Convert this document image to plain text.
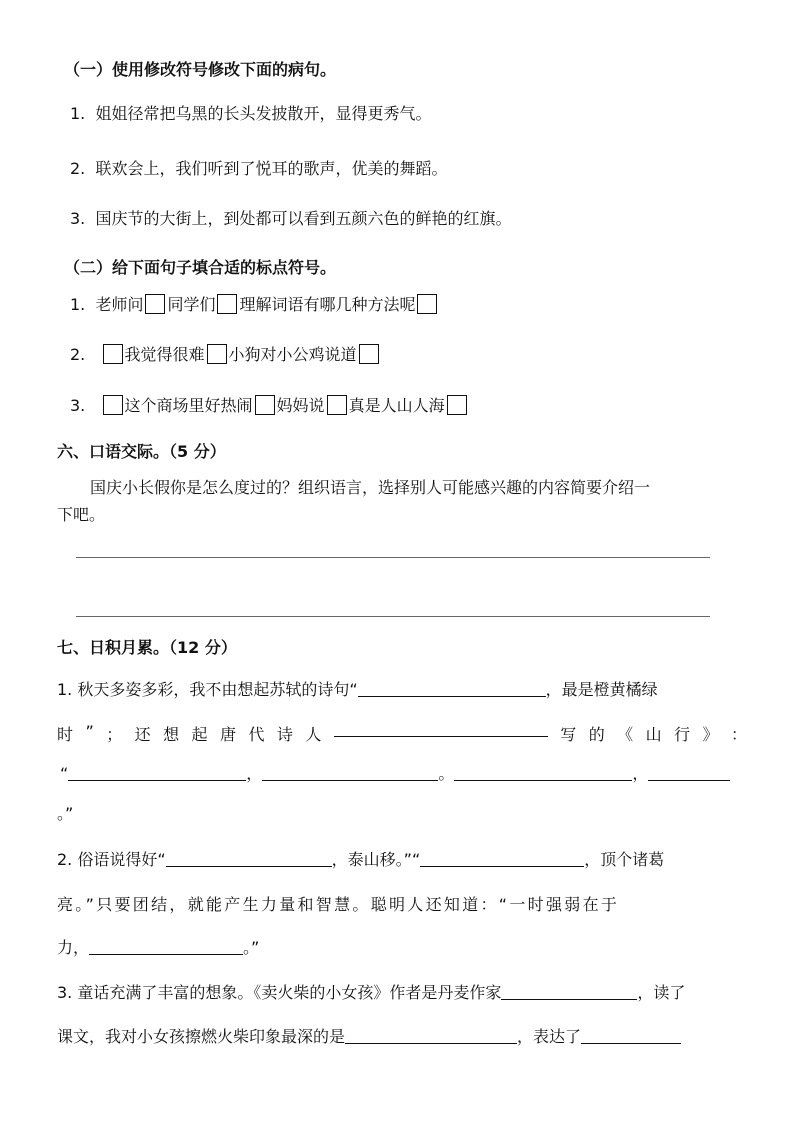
（一）使用修改符号修改下面的病句。
1. 姐姐径常把乌黑的长头发披散开，显得更秀气。
2. 联欢会上，我们听到了悦耳的歌声，优美的舞蹈。
3. 国庆节的大街上，到处都可以看到五颜六色的鲜艳的红旗。
（二）给下面句子填合适的标点符号。
1. 老师问 同学们 理解词语有哪几种方法呢
2. 我觉得很难 小狗对小公鸡说道
3. 这个商场里好热闹 妈妈说 真是人山人海
六、口语交际。（5 分）
国庆小长假你是怎么度过的？组织语言，选择别人可能感兴趣的内容简要介绍一
下吧。
七、日积月累。（12 分）
1. 秋天多姿多彩，我不由想起苏轼的诗句“	，最是橙黄橘绿
时 ” ； 还 想 起 唐 代 诗 人	写 的 《 山 行 》 ：
“	，	。	，
。”
2. 俗语说得好“	，泰山移。”“	，顶个诸葛
亮。”只要团结，就能产生力量和智慧。聪明人还知道：“一时强弱在于
力，	。”
3. 童话充满了丰富的想象。《卖火柴的小女孩》作者是丹麦作家	，读了
课文，我对小女孩擦燃火柴印象最深的是	，表达了
